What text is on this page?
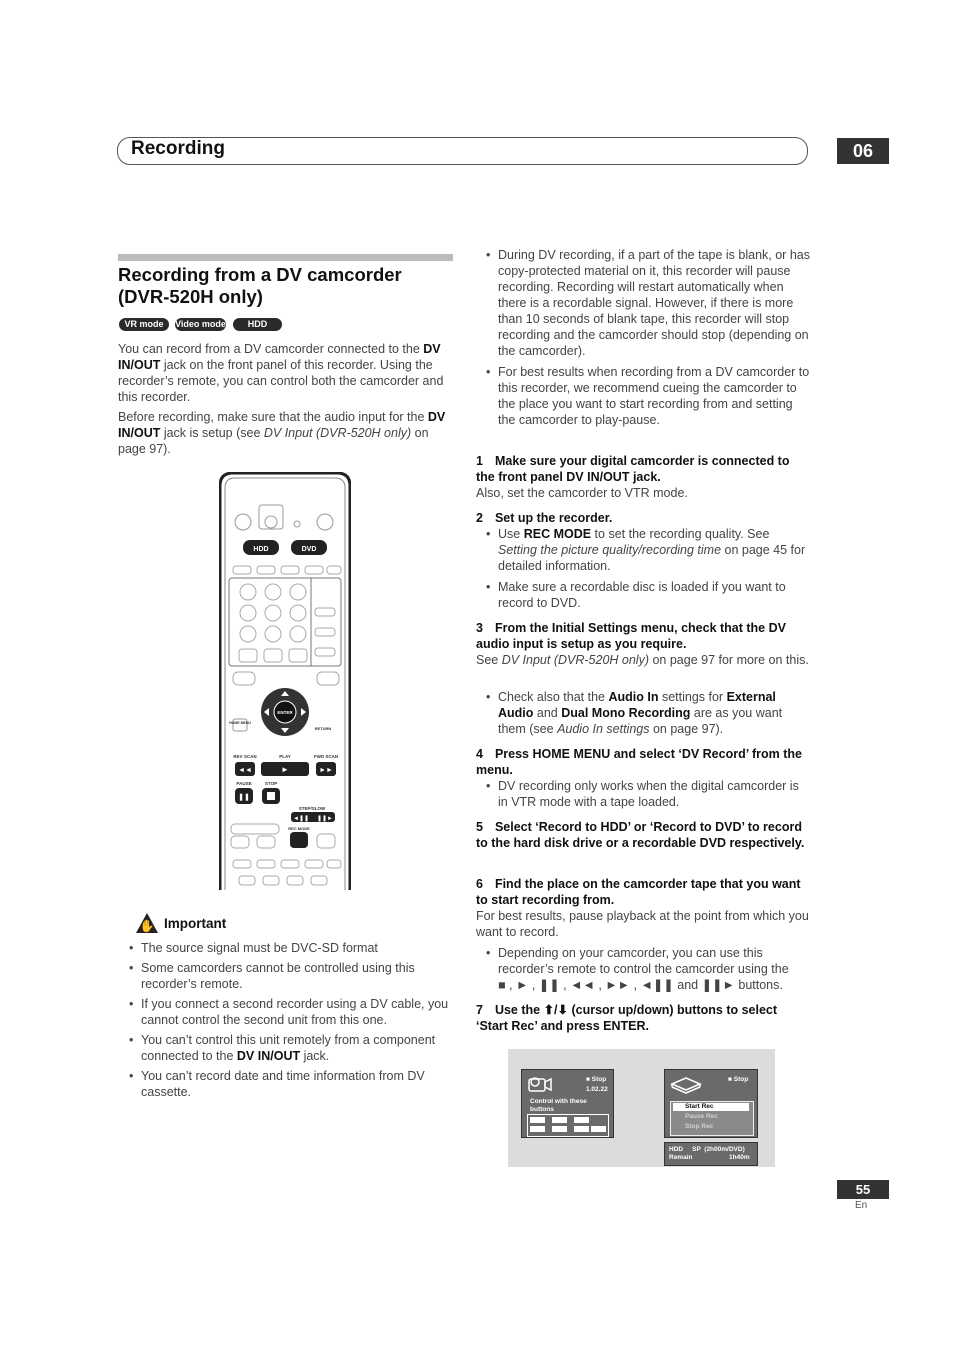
Recording	06
Recording from a DV camcorder (DVR-520H only)
VR mode	Video mode	HDD
You can record from a DV camcorder connected to the DV IN/OUT jack on the front panel of this recorder. Using the recorder’s remote, you can control both the camcorder and this recorder.
Before recording, make sure that the audio input for the DV IN/OUT jack is setup (see DV Input (DVR-520H only) on page 97).
HDD	DVD
ENTER
HOME MENU
RETURN
REV SCAN	PLAY	FWD SCAN
◄◄	►	►►
PAUSE	STOP
❚❚
STEP/SLOW
◄❚❚ ❚❚►
REC MODE
✋ Important
• The source signal must be DVC-SD format
• Some camcorders cannot be controlled using this recorder’s remote.
• If you connect a second recorder using a DV cable, you cannot control the second unit from this one.
• You can’t control this unit remotely from a component connected to the DV IN/OUT jack.
• You can’t record date and time information from DV cassette.
• During DV recording, if a part of the tape is blank, or has copy-protected material on it, this recorder will pause recording. Recording will restart automatically when there is a recordable signal. However, if there is more than 10 seconds of blank tape, this recorder will stop recording and the camcorder should stop (depending on the camcorder).
• For best results when recording from a DV camcorder to this recorder, we recommend cueing the camcorder to the place you want to start recording from and setting the camcorder to play-pause.
1 Make sure your digital camcorder is connected to the front panel DV IN/OUT jack.
Also, set the camcorder to VTR mode.
2 Set up the recorder.
• Use REC MODE to set the recording quality. See Setting the picture quality/recording time on page 45 for detailed information.
• Make sure a recordable disc is loaded if you want to record to DVD.
3 From the Initial Settings menu, check that the DV audio input is setup as you require.
See DV Input (DVR-520H only) on page 97 for more on this.
• Check also that the Audio In settings for External Audio and Dual Mono Recording are as you want them (see Audio In settings on page 97).
4 Press HOME MENU and select ‘DV Record’ from the menu.
• DV recording only works when the digital camcorder is in VTR mode with a tape loaded.
5 Select ‘Record to HDD’ or ‘Record to DVD’ to record to the hard disk drive or a recordable DVD respectively.
6 Find the place on the camcorder tape that you want to start recording from.
For best results, pause playback at the point from which you want to record.
• Depending on your camcorder, you can use this recorder’s remote to control the camcorder using the
■ , ► , ❚❚ , ◄◄ , ►► , ◄❚❚ and ❚❚► buttons.
7 Use the ⬆/⬇ (cursor up/down) buttons to select ‘Start Rec’ and press ENTER.
■ Stop
1.02.22
Control with these buttons
■ Stop
Start Rec
Pause Rec
Stop Rec
HDD     SP  (2h00m/DVD)
Remain	1h40m
55
En
